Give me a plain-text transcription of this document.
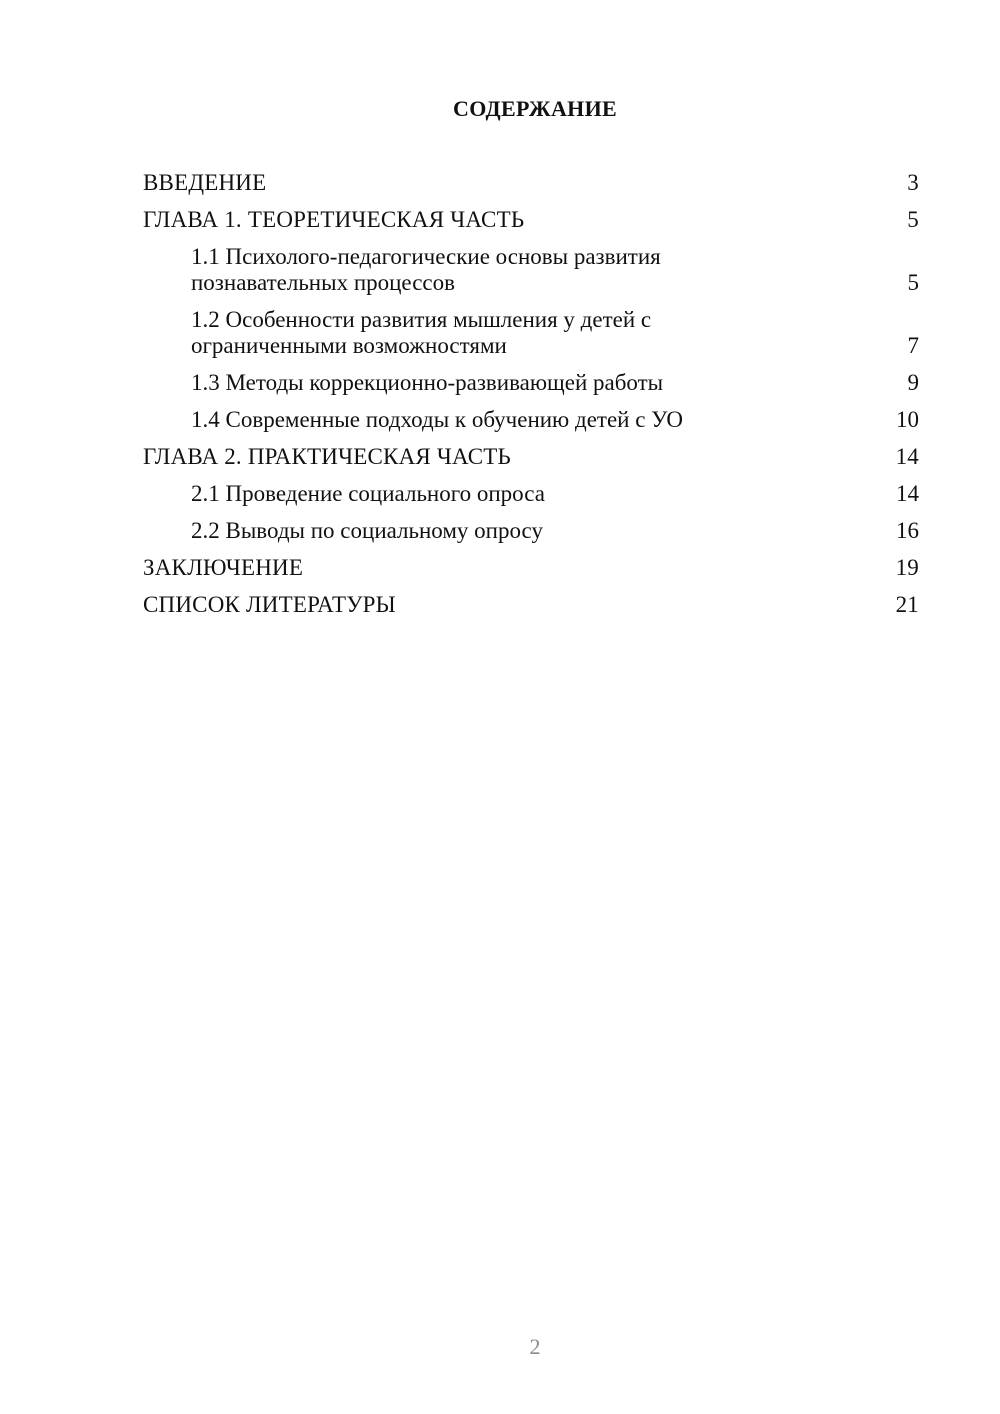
СОДЕРЖАНИЕ
ВВЕДЕНИЕ	3
ГЛАВА 1. ТЕОРЕТИЧЕСКАЯ ЧАСТЬ	5
1.1 Психолого-педагогические основы развития познавательных процессов	5
1.2 Особенности развития мышления у детей с ограниченными возможностями	7
1.3 Методы коррекционно-развивающей работы	9
1.4 Современные подходы к обучению детей с УО	10
ГЛАВА 2. ПРАКТИЧЕСКАЯ ЧАСТЬ	14
2.1 Проведение социального опроса	14
2.2 Выводы по социальному опросу	16
ЗАКЛЮЧЕНИЕ	19
СПИСОК ЛИТЕРАТУРЫ	21
2
